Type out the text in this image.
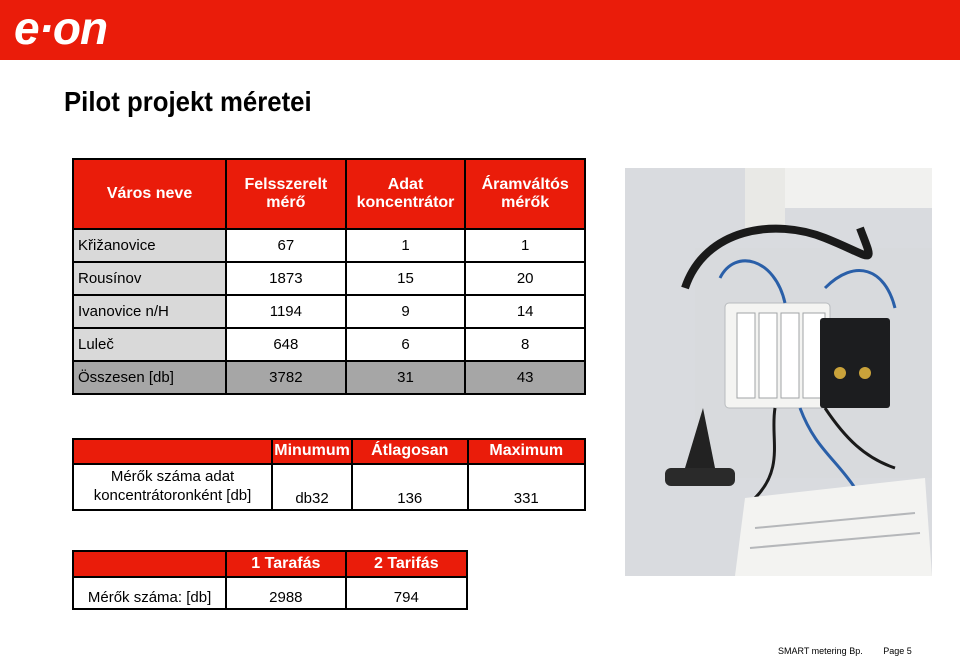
e·on
Pilot projekt méretei
Város neve	Felsszerelt mérő	Adat koncentrátor	Áramváltós mérők
Křižanovice	67	1	1
Rousínov	1873	15	20
Ivanovice n/H	1194	9	14
Luleč	648	6	8
Összesen [db]	3782	31	43
	Minumum	Átlagosan	Maximum
Mérők száma adat koncentrátoronként [db]	db32	136	331
	1 Tarafás	2 Tarifás
Mérők száma: [db]	2988	794
SMART metering Bp. Page 5
